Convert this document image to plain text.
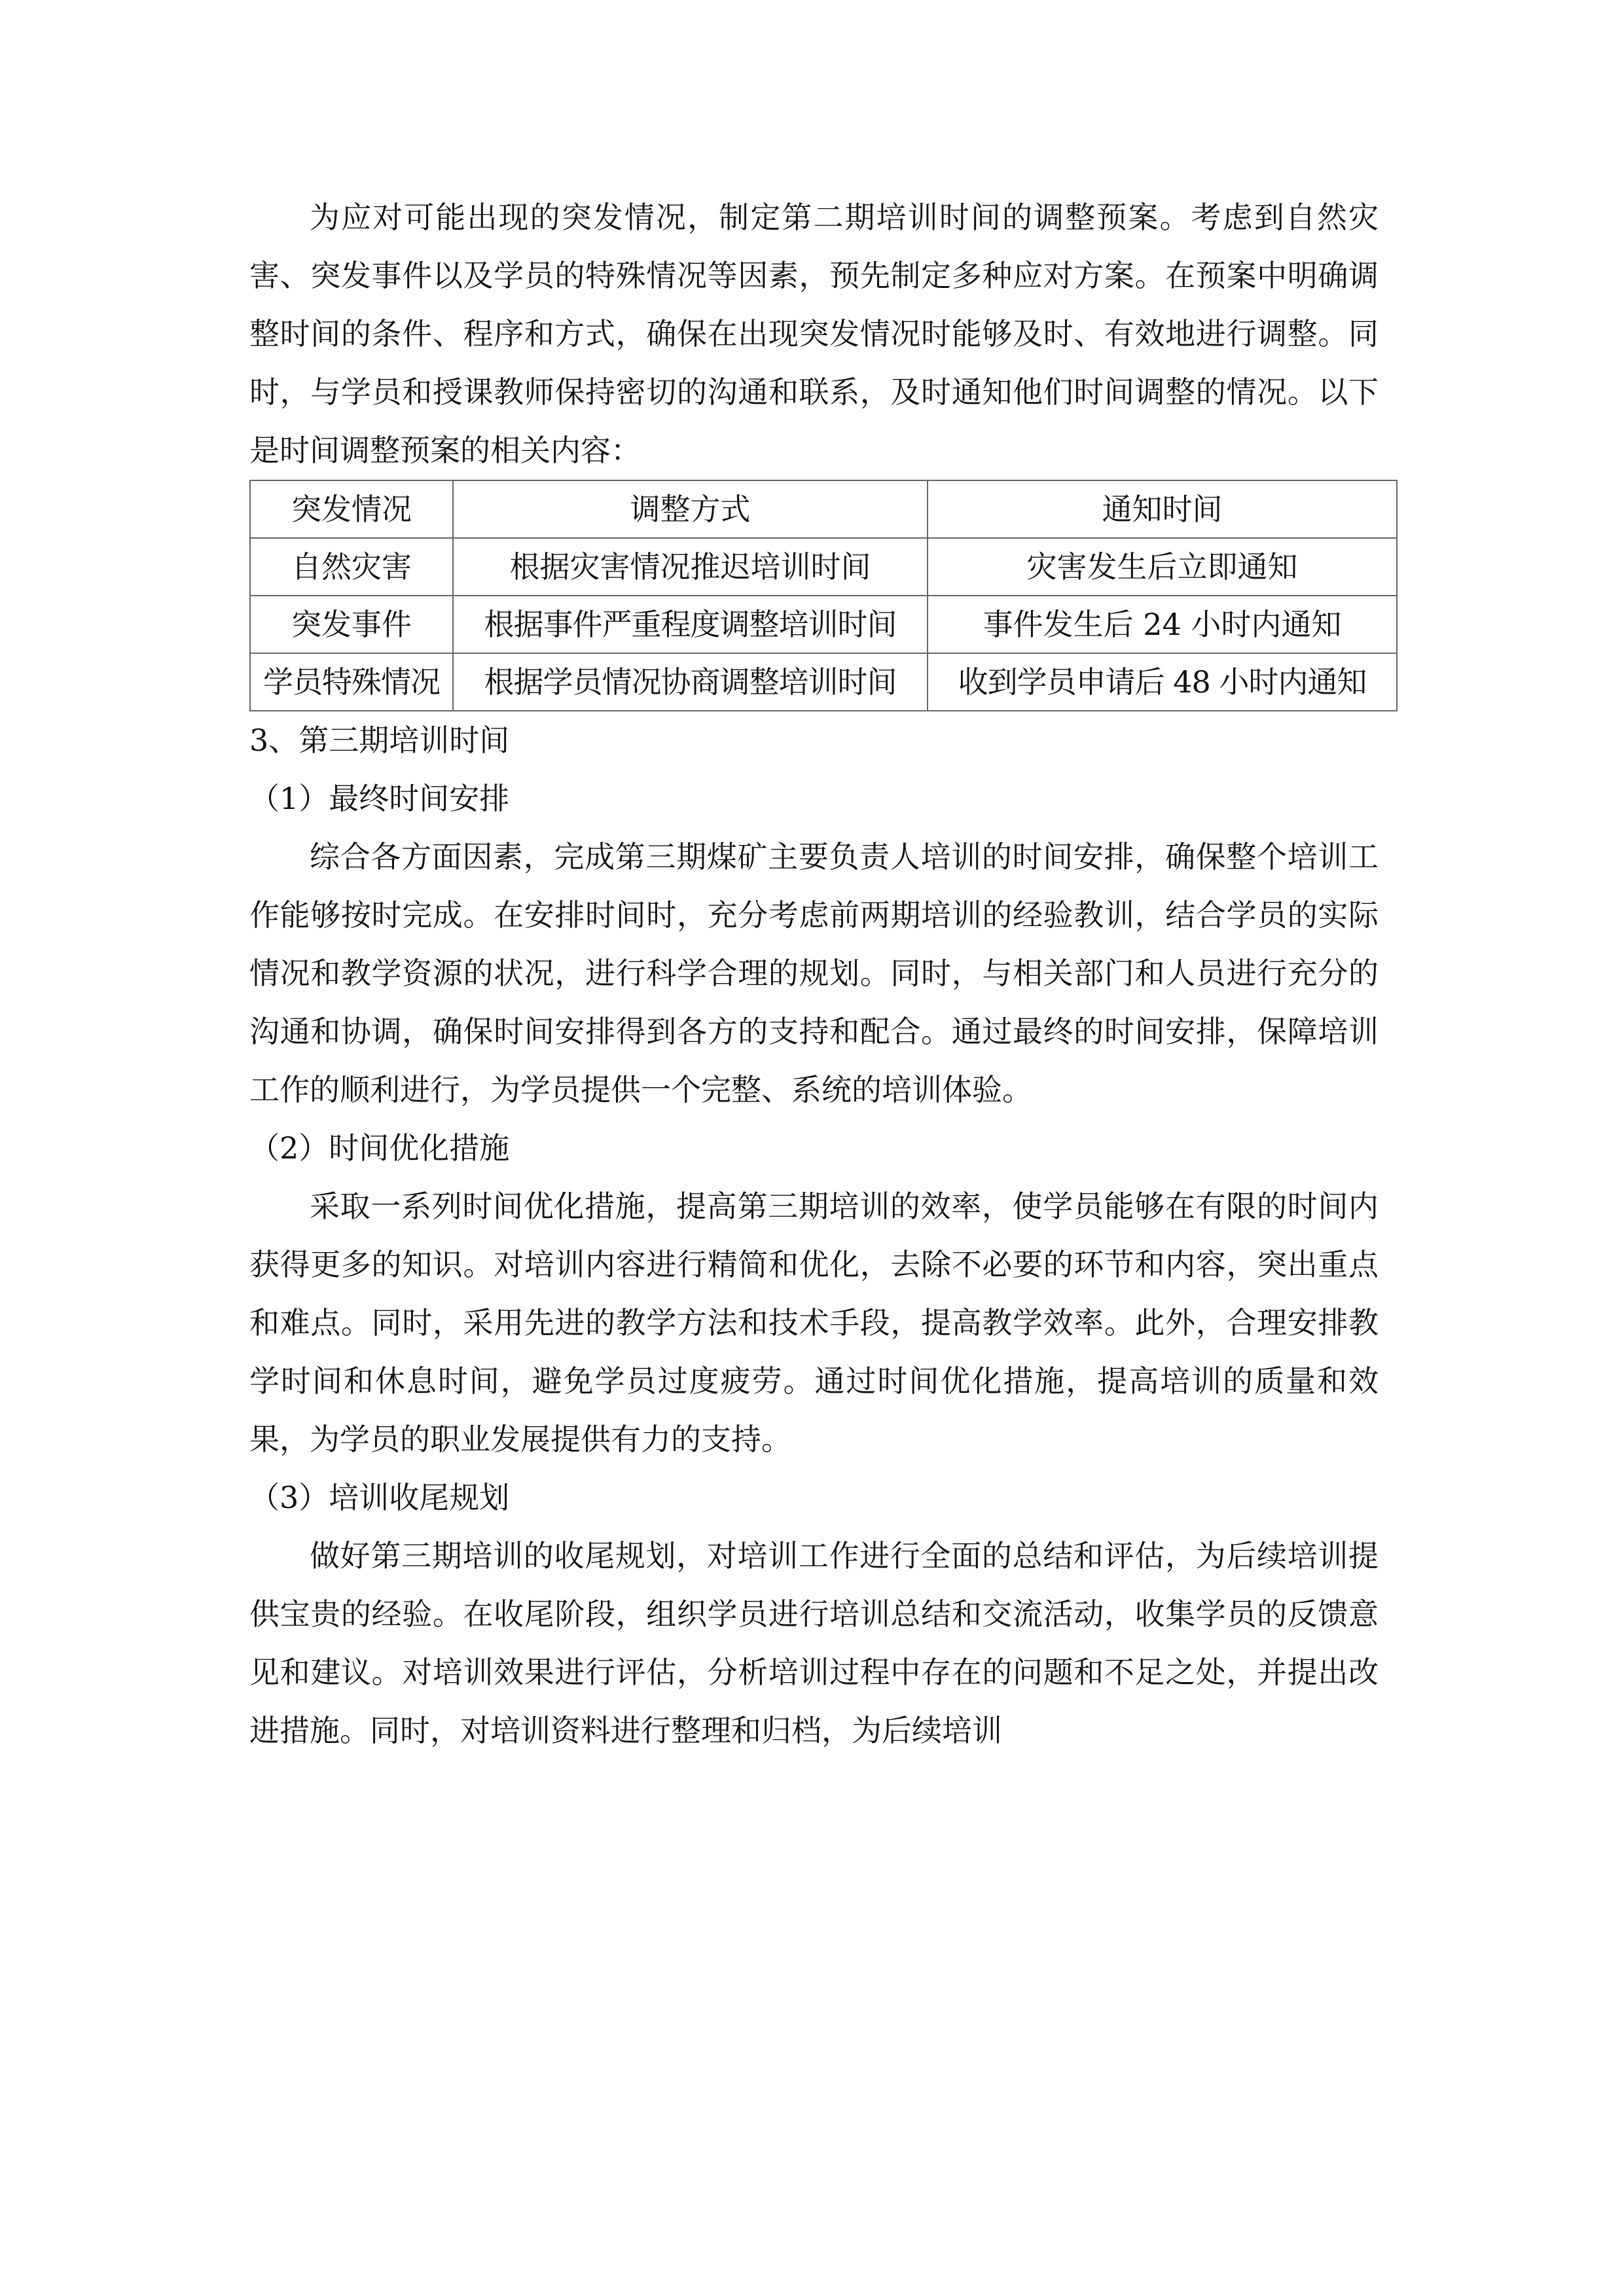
为应对可能出现的突发情况，制定第二期培训时间的调整预案。考虑到自然灾害、突发事件以及学员的特殊情况等因素，预先制定多种应对方案。在预案中明确调整时间的条件、程序和方式，确保在出现突发情况时能够及时、有效地进行调整。同时，与学员和授课教师保持密切的沟通和联系，及时通知他们时间调整的情况。以下是时间调整预案的相关内容：

突发情况	调整方式	通知时间
自然灾害	根据灾害情况推迟培训时间	灾害发生后立即通知
突发事件	根据事件严重程度调整培训时间	事件发生后 24 小时内通知
学员特殊情况	根据学员情况协商调整培训时间	收到学员申请后 48 小时内通知

3、第三期培训时间

（1）最终时间安排

综合各方面因素，完成第三期煤矿主要负责人培训的时间安排，确保整个培训工作能够按时完成。在安排时间时，充分考虑前两期培训的经验教训，结合学员的实际情况和教学资源的状况，进行科学合理的规划。同时，与相关部门和人员进行充分的沟通和协调，确保时间安排得到各方的支持和配合。通过最终的时间安排，保障培训工作的顺利进行，为学员提供一个完整、系统的培训体验。

（2）时间优化措施

采取一系列时间优化措施，提高第三期培训的效率，使学员能够在有限的时间内获得更多的知识。对培训内容进行精简和优化，去除不必要的环节和内容，突出重点和难点。同时，采用先进的教学方法和技术手段，提高教学效率。此外，合理安排教学时间和休息时间，避免学员过度疲劳。通过时间优化措施，提高培训的质量和效果，为学员的职业发展提供有力的支持。

（3）培训收尾规划

做好第三期培训的收尾规划，对培训工作进行全面的总结和评估，为后续培训提供宝贵的经验。在收尾阶段，组织学员进行培训总结和交流活动，收集学员的反馈意见和建议。对培训效果进行评估，分析培训过程中存在的问题和不足之处，并提出改进措施。同时，对培训资料进行整理和归档，为后续培训
